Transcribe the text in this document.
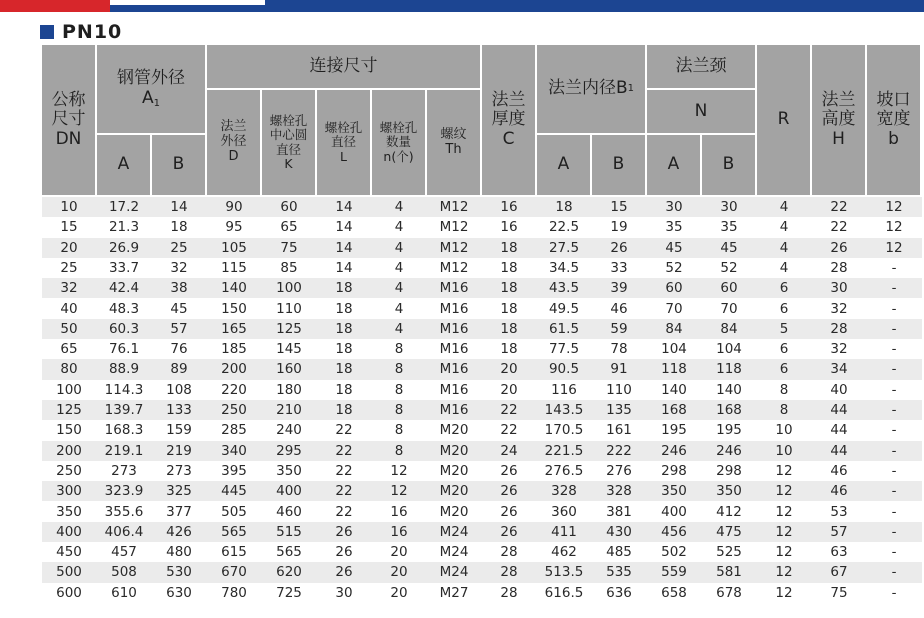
PN10
公称
尺寸
DN
钢管外径
$A_1$
A	B
连接尺寸
法兰
外径
D
螺栓孔
中心圆
直径
K
螺栓孔
直径
L
螺栓孔
数量
n(个)
螺纹
Th
法兰
厚度
C
法兰内径B 1
A	B
法兰颈
N
A	B
R
法兰
高度
H
坡口
宽度
b
10	17.2	14	90	60	14	4	M12	16	18	15	30	30	4	22	12
15	21.3	18	95	65	14	4	M12	16	22.5	19	35	35	4	22	12
20	26.9	25	105	75	14	4	M12	18	27.5	26	45	45	4	26	12
25	33.7	32	115	85	14	4	M12	18	34.5	33	52	52	4	28	-
32	42.4	38	140	100	18	4	M16	18	43.5	39	60	60	6	30	-
40	48.3	45	150	110	18	4	M16	18	49.5	46	70	70	6	32	-
50	60.3	57	165	125	18	4	M16	18	61.5	59	84	84	5	28	-
65	76.1	76	185	145	18	8	M16	18	77.5	78	104	104	6	32	-
80	88.9	89	200	160	18	8	M16	20	90.5	91	118	118	6	34	-
100	114.3	108	220	180	18	8	M16	20	116	110	140	140	8	40	-
125	139.7	133	250	210	18	8	M16	22	143.5	135	168	168	8	44	-
150	168.3	159	285	240	22	8	M20	22	170.5	161	195	195	10	44	-
200	219.1	219	340	295	22	8	M20	24	221.5	222	246	246	10	44	-
250	273	273	395	350	22	12	M20	26	276.5	276	298	298	12	46	-
300	323.9	325	445	400	22	12	M20	26	328	328	350	350	12	46	-
350	355.6	377	505	460	22	16	M20	26	360	381	400	412	12	53	-
400	406.4	426	565	515	26	16	M24	26	411	430	456	475	12	57	-
450	457	480	615	565	26	20	M24	28	462	485	502	525	12	63	-
500	508	530	670	620	26	20	M24	28	513.5	535	559	581	12	67	-
600	610	630	780	725	30	20	M27	28	616.5	636	658	678	12	75	-
